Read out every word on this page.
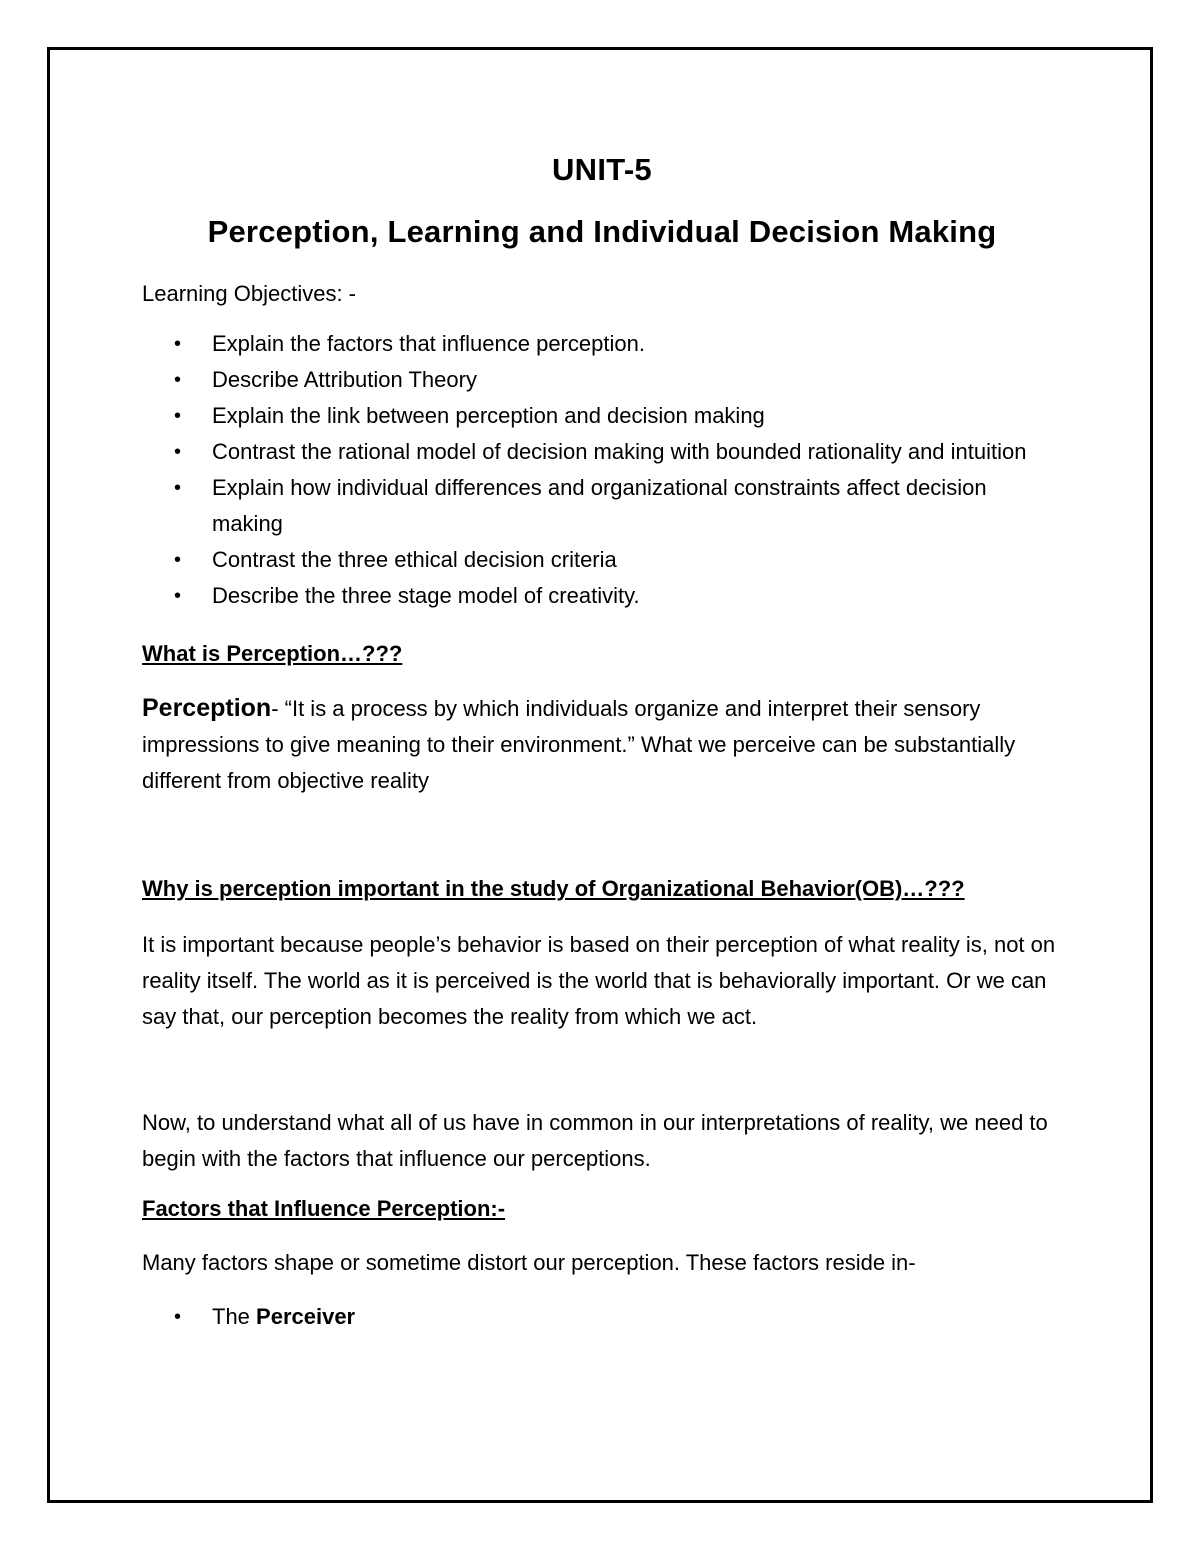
UNIT-5
Perception, Learning and Individual Decision Making

Learning Objectives: -

• Explain the factors that influence perception.
• Describe Attribution Theory
• Explain the link between perception and decision making
• Contrast the rational model of decision making with bounded rationality and intuition
• Explain how individual differences and organizational constraints affect decision making
• Contrast the three ethical decision criteria
• Describe the three stage model of creativity.

What is Perception…???

Perception- “It is a process by which individuals organize and interpret their sensory impressions to give meaning to their environment.” What we perceive can be substantially different from objective reality

Why is perception important in the study of Organizational Behavior(OB)…???

It is important because people’s behavior is based on their perception of what reality is, not on reality itself. The world as it is perceived is the world that is behaviorally important. Or we can say that, our perception becomes the reality from which we act.

Now, to understand what all of us have in common in our interpretations of reality, we need to begin with the factors that influence our perceptions.

Factors that Influence Perception:-

Many factors shape or sometime distort our perception. These factors reside in-

• The Perceiver
